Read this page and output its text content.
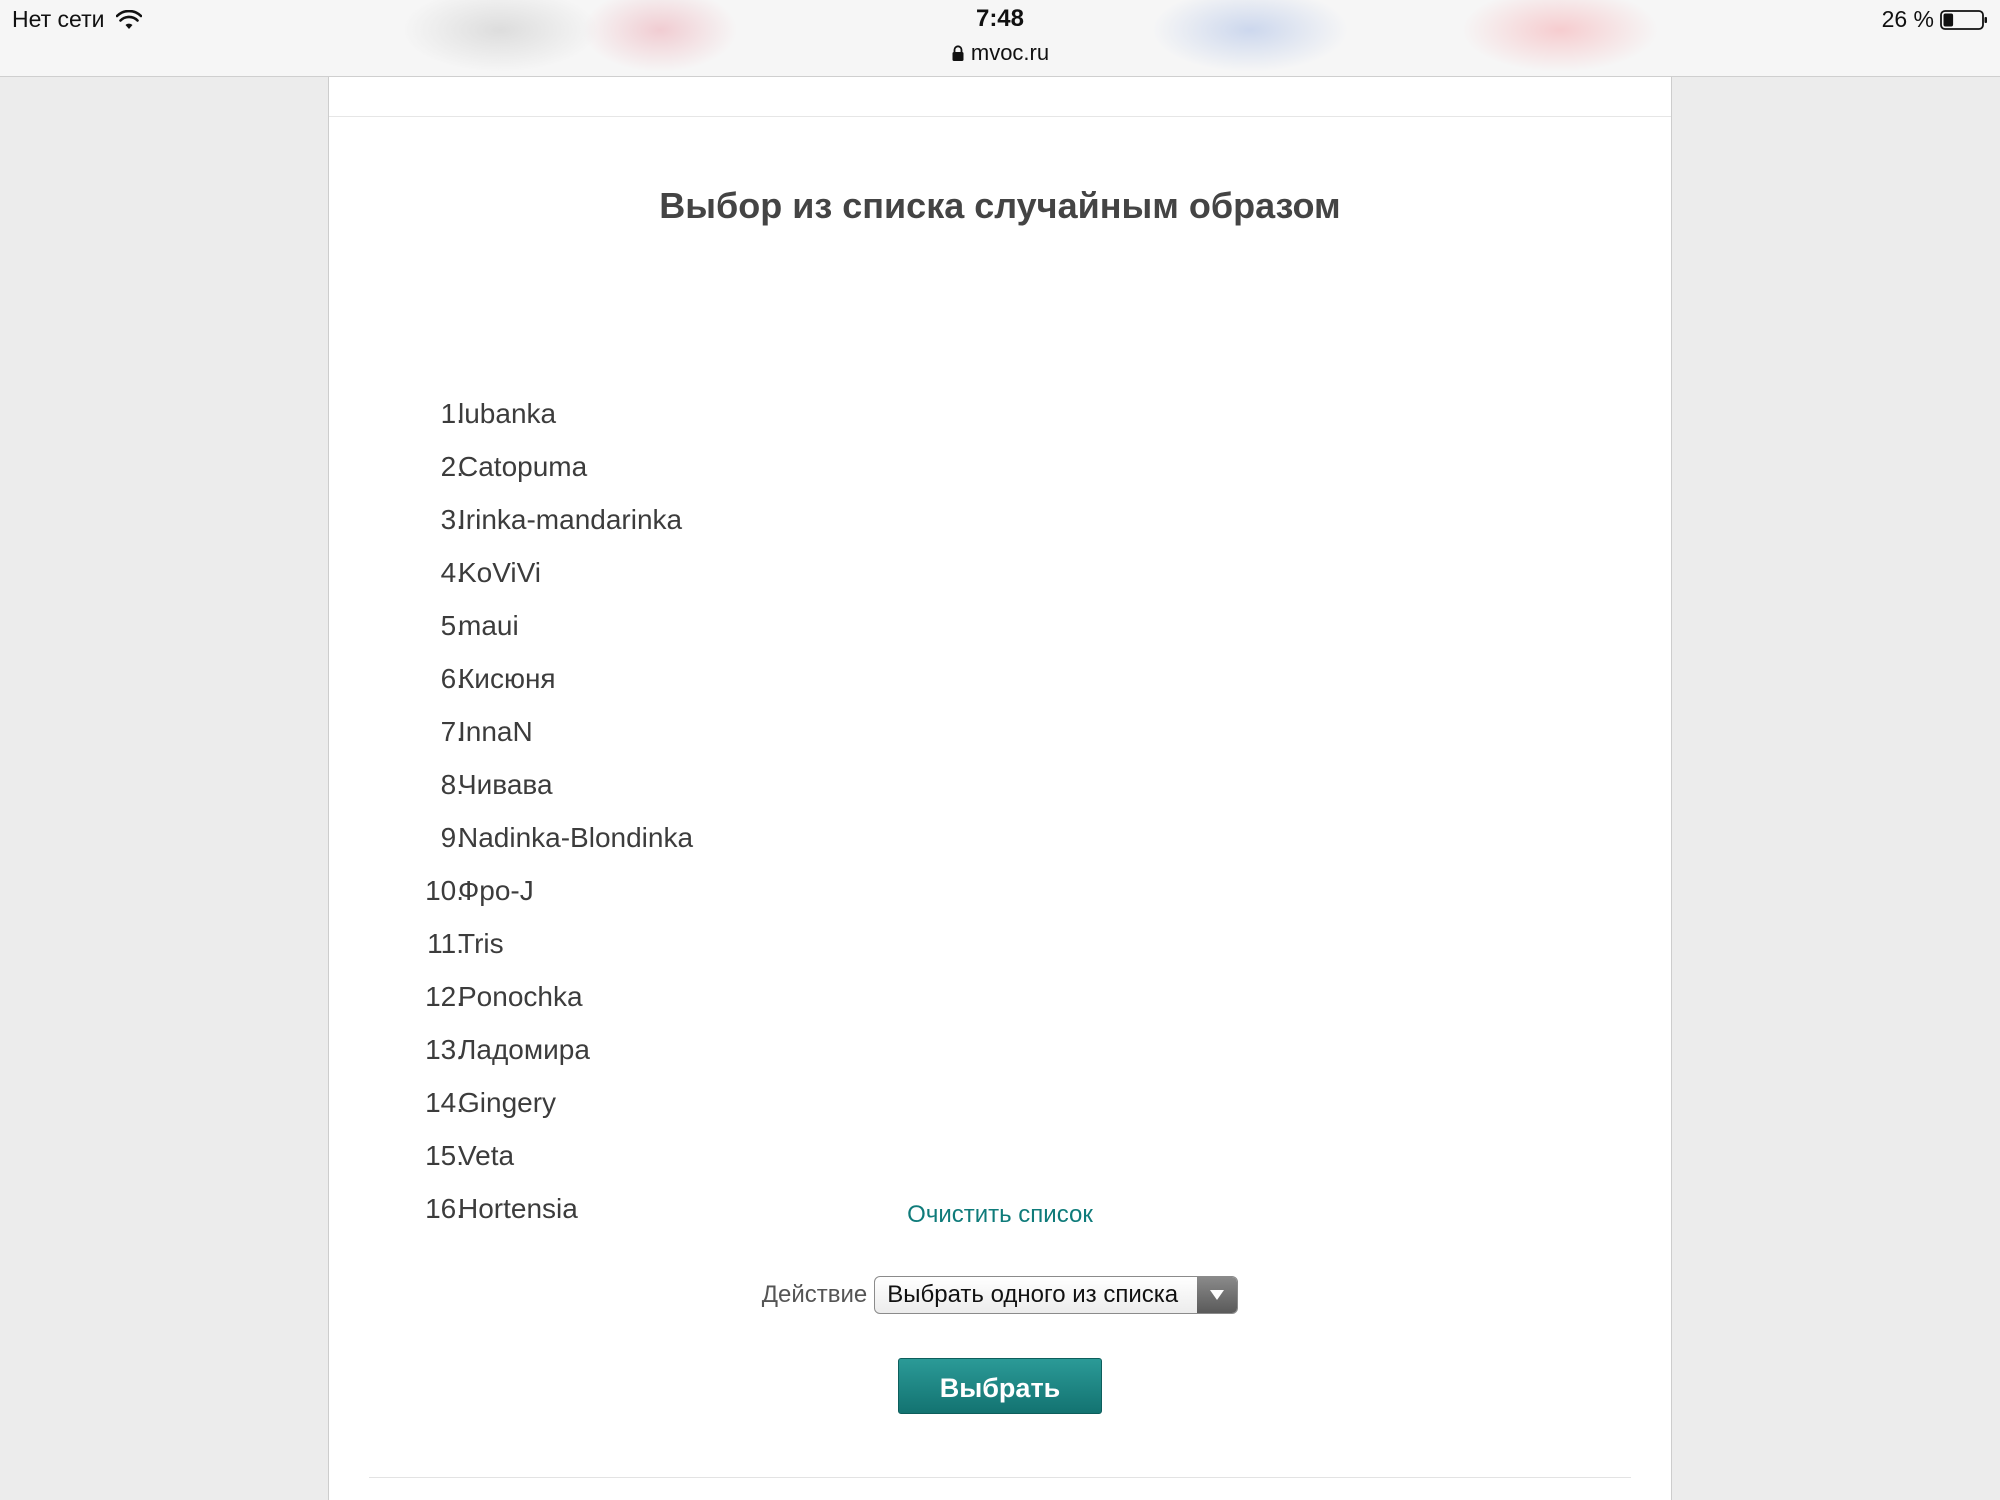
Нет сети	7:48
mvoc.ru
26 %
Выбор из списка случайным образом
1.
lubanka
2.
Catopuma
3.
Irinka-mandarinka
4.
KoViVi
5.
maui
6.
Кисюня
7.
InnaN
8.
Чивава
9.
Nadinka-Blondinka
10.
Фро-J
11.
Tris
12.
Ponochka
13.
Ладомира
14.
Gingery
15.
Veta
16.
Hortensia	Очистить список
Действие Выбрать одного из списка
Выбрать
